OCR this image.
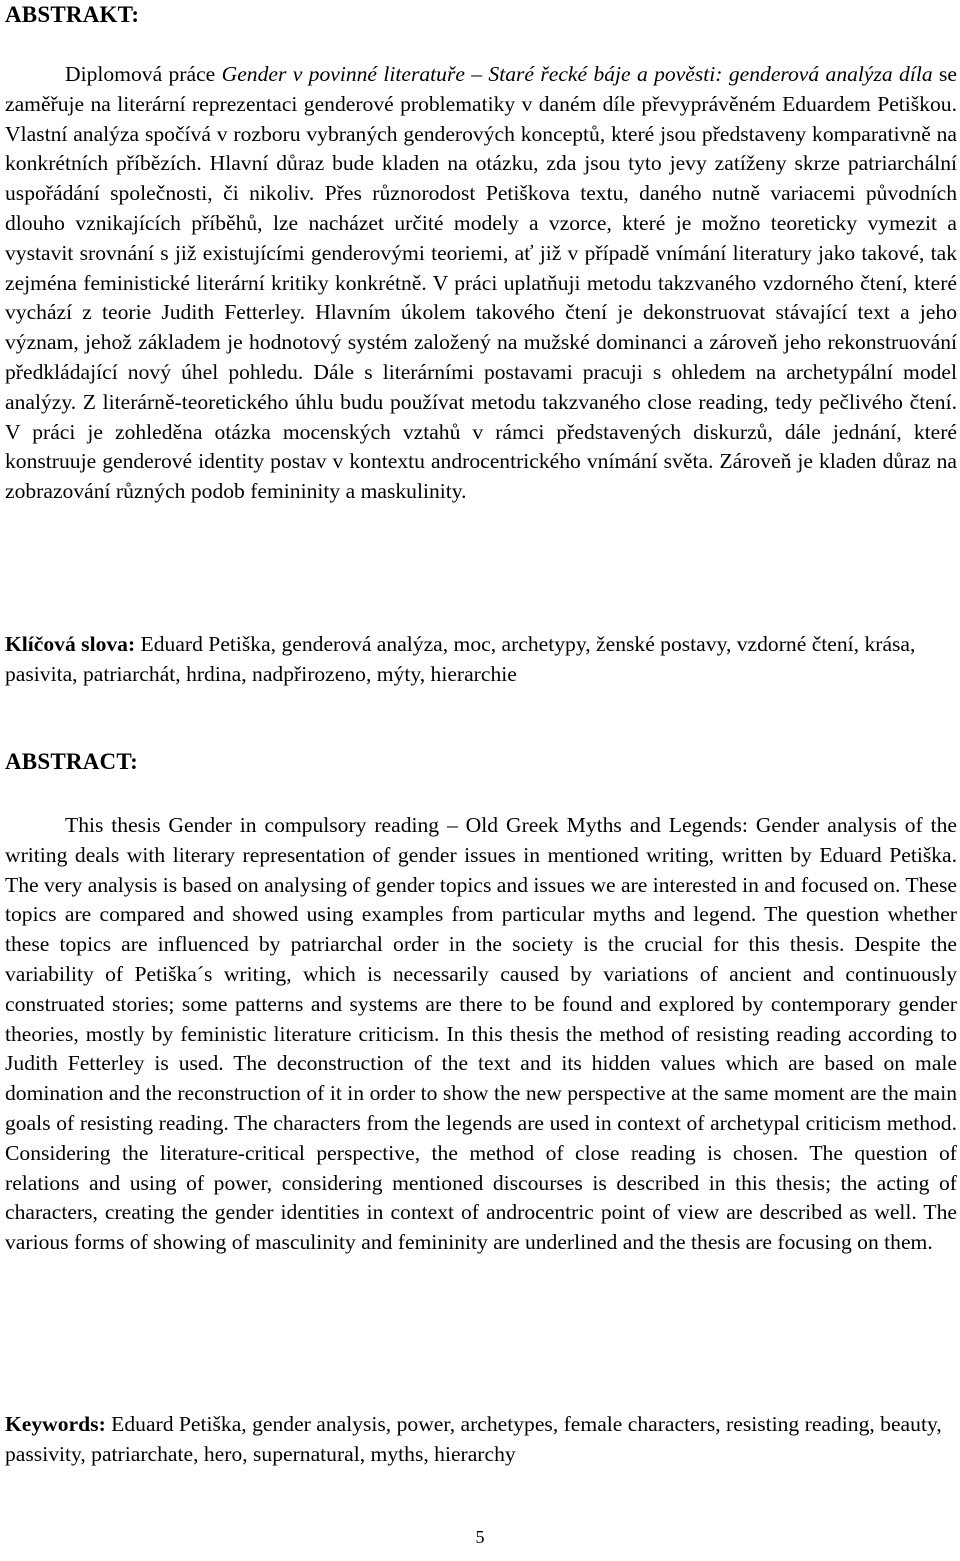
ABSTRAKT:

Diplomová práce Gender v povinné literatuře – Staré řecké báje a pověsti: genderová analýza díla se zaměřuje na literární reprezentaci genderové problematiky v daném díle převyprávěném Eduardem Petiškou. Vlastní analýza spočívá v rozboru vybraných genderových konceptů, které jsou představeny komparativně na konkrétních příbězích. Hlavní důraz bude kladen na otázku, zda jsou tyto jevy zatíženy skrze patriarchální uspořádání společnosti, či nikoliv. Přes různorodost Petiškova textu, daného nutně variacemi původních dlouho vznikajících příběhů, lze nacházet určité modely a vzorce, které je možno teoreticky vymezit a vystavit srovnání s již existujícími genderovými teoriemi, ať již v případě vnímání literatury jako takové, tak zejména feministické literární kritiky konkrétně. V práci uplatňuji metodu takzvaného vzdorného čtení, které vychází z teorie Judith Fetterley. Hlavním úkolem takového čtení je dekonstruovat stávající text a jeho význam, jehož základem je hodnotový systém založený na mužské dominanci a zároveň jeho rekonstruování předkládající nový úhel pohledu. Dále s literárními postavami pracuji s ohledem na archetypální model analýzy. Z literárně-teoretického úhlu budu používat metodu takzvaného close reading, tedy pečlivého čtení. V práci je zohleděna otázka mocenských vztahů v rámci představených diskurzů, dále jednání, které konstruuje genderové identity postav v kontextu androcentrického vnímání světa. Zároveň je kladen důraz na zobrazování různých podob femininity a maskulinity.

Klíčová slova: Eduard Petiška, genderová analýza, moc, archetypy, ženské postavy, vzdorné čtení, krása, pasivita, patriarchát, hrdina, nadpřirozeno, mýty, hierarchie

ABSTRACT:

This thesis Gender in compulsory reading – Old Greek Myths and Legends: Gender analysis of the writing deals with literary representation of gender issues in mentioned writing, written by Eduard Petiška. The very analysis is based on analysing of gender topics and issues we are interested in and focused on. These topics are compared and showed using examples from particular myths and legend. The question whether these topics are influenced by patriarchal order in the society is the crucial for this thesis. Despite the variability of Petiška´s writing, which is necessarily caused by variations of ancient and continuously construated stories; some patterns and systems are there to be found and explored by contemporary gender theories, mostly by feministic literature criticism. In this thesis the method of resisting reading according to Judith Fetterley is used. The deconstruction of the text and its hidden values which are based on male domination and the reconstruction of it in order to show the new perspective at the same moment are the main goals of resisting reading. The characters from the legends are used in context of archetypal criticism method. Considering the literature-critical perspective, the method of close reading is chosen. The question of relations and using of power, considering mentioned discourses is described in this thesis; the acting of characters, creating the gender identities in context of androcentric point of view are described as well. The various forms of showing of masculinity and femininity are underlined and the thesis are focusing on them.

Keywords: Eduard Petiška, gender analysis, power, archetypes, female characters, resisting reading, beauty, passivity, patriarchate, hero, supernatural, myths, hierarchy

5
